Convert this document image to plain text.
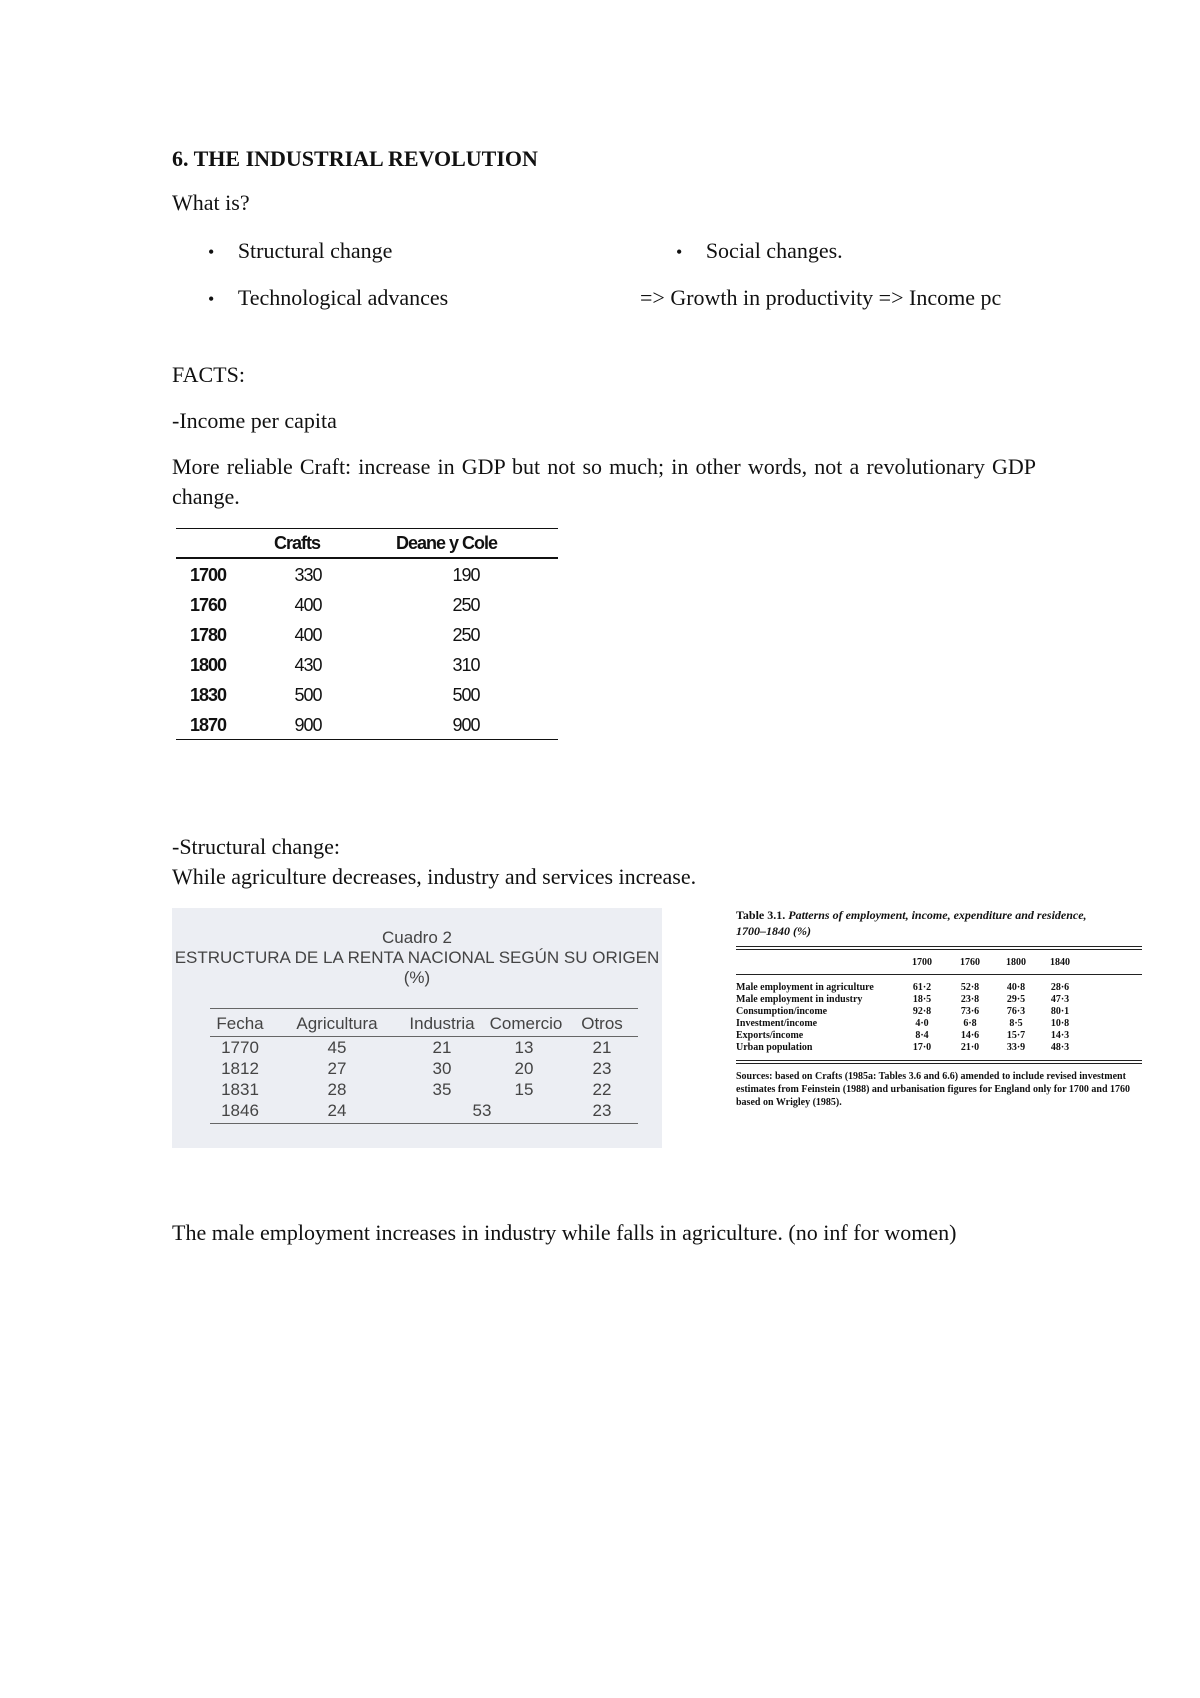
6. THE INDUSTRIAL REVOLUTION
What is?
• Structural change
• Technological advances
• Social changes.
=> Growth in productivity => Income pc
FACTS:
-Income per capita
More reliable Craft: increase in GDP but not so much; in other words, not a revolutionary GDP change.
Crafts	Deane y Cole
1700	330	190
1760	400	250
1780	400	250
1800	430	310
1830	500	500
1870	900	900
-Structural change:
While agriculture decreases, industry and services increase.
Cuadro 2
ESTRUCTURA DE LA RENTA NACIONAL SEGÚN SU ORIGEN
(%)
Fecha	Agricultura	Industria Comercio	Otros
1770	45	21	13	21
1812	27	30	20	23
1831	28	35	15	22
1846	24	53	23
Table 3.1. Patterns of employment, income, expenditure and residence,
1700–1840 (%)
1700	1760	1800	1840
Male employment in agriculture	61·2	52·8	40·8	28·6
Male employment in industry	18·5	23·8	29·5	47·3
Consumption/income	92·8	73·6	76·3	80·1
Investment/income	4·0	6·8	8·5	10·8
Exports/income	8·4	14·6	15·7	14·3
Urban population	17·0	21·0	33·9	48·3
Sources: based on Crafts (1985a: Tables 3.6 and 6.6) amended to include revised investment estimates from Feinstein (1988) and urbanisation figures for England only for 1700 and 1760 based on Wrigley (1985).
The male employment increases in industry while falls in agriculture. (no inf for women)
